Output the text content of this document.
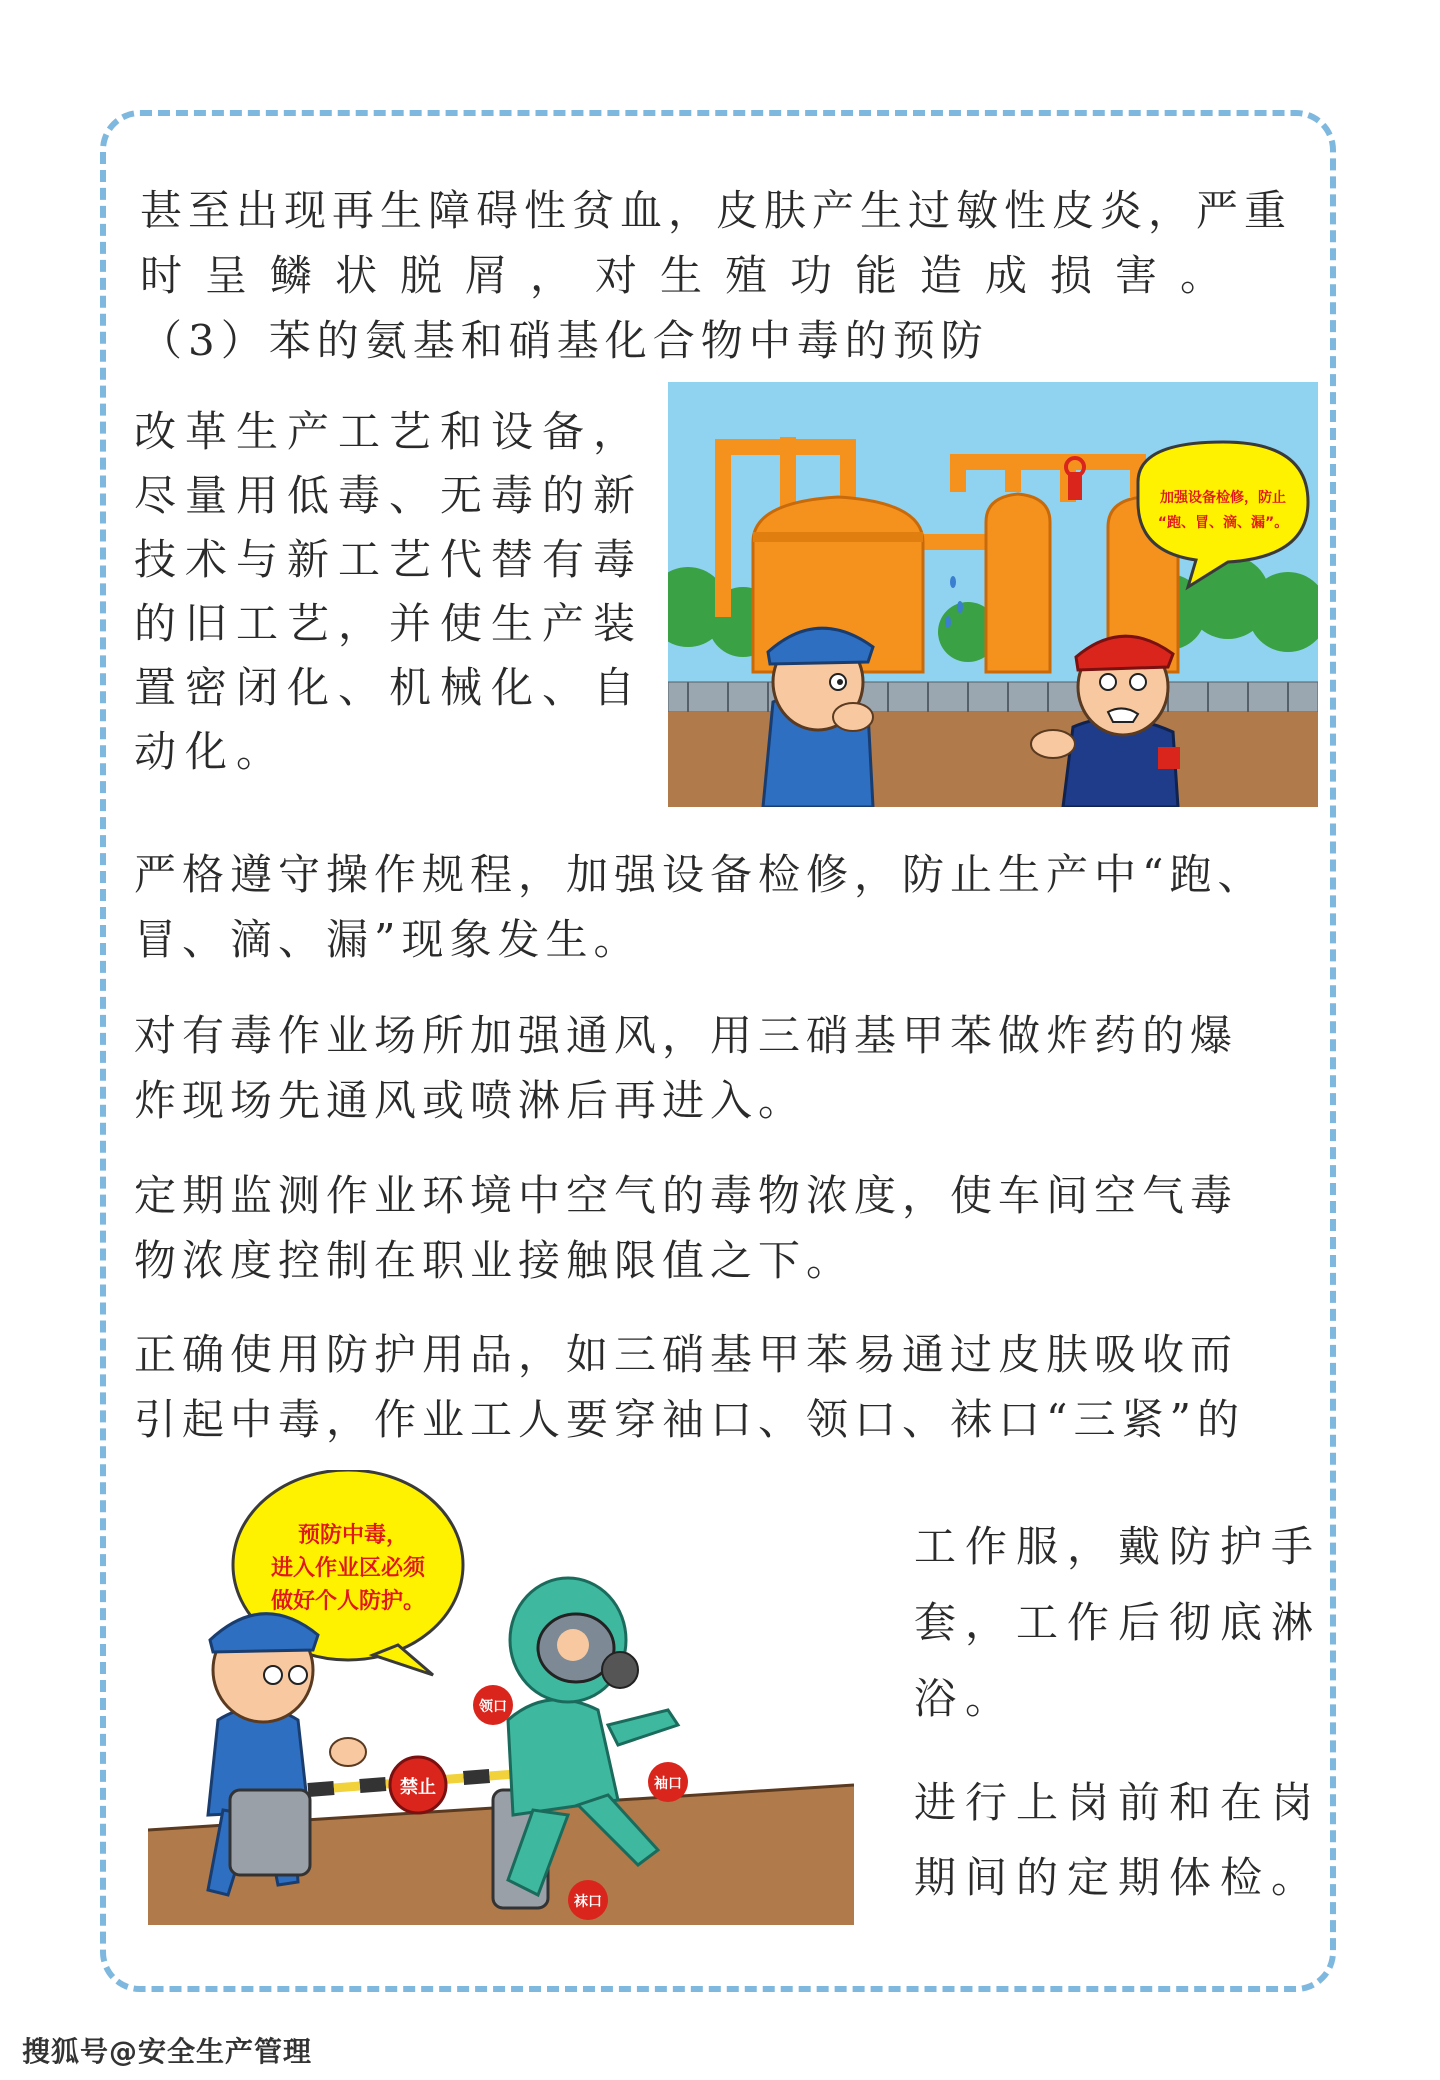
甚至出现再生障碍性贫血，皮肤产生过敏性皮炎，严重
时呈鳞状脱屑，对生殖功能造成损害。
（3）苯的氨基和硝基化合物中毒的预防
改革生产工艺和设备，
尽量用低毒、无毒的新
技术与新工艺代替有毒
的旧工艺，并使生产装
置密闭化、机械化、自
动化。
加强设备检修，防止
“跑、冒、滴、漏”。
严格遵守操作规程，加强设备检修，防止生产中“跑、
冒、滴、漏”现象发生。
对有毒作业场所加强通风，用三硝基甲苯做炸药的爆
炸现场先通风或喷淋后再进入。
定期监测作业环境中空气的毒物浓度，使车间空气毒
物浓度控制在职业接触限值之下。
正确使用防护用品，如三硝基甲苯易通过皮肤吸收而
引起中毒，作业工人要穿袖口、领口、袜口“三紧”的
预防中毒，
进入作业区必须
做好个人防护。
禁止
领口
袖口
袜口
工作服，戴防护手
套，工作后彻底淋
浴。
进行上岗前和在岗
期间的定期体检。
搜狐号@安全生产管理
